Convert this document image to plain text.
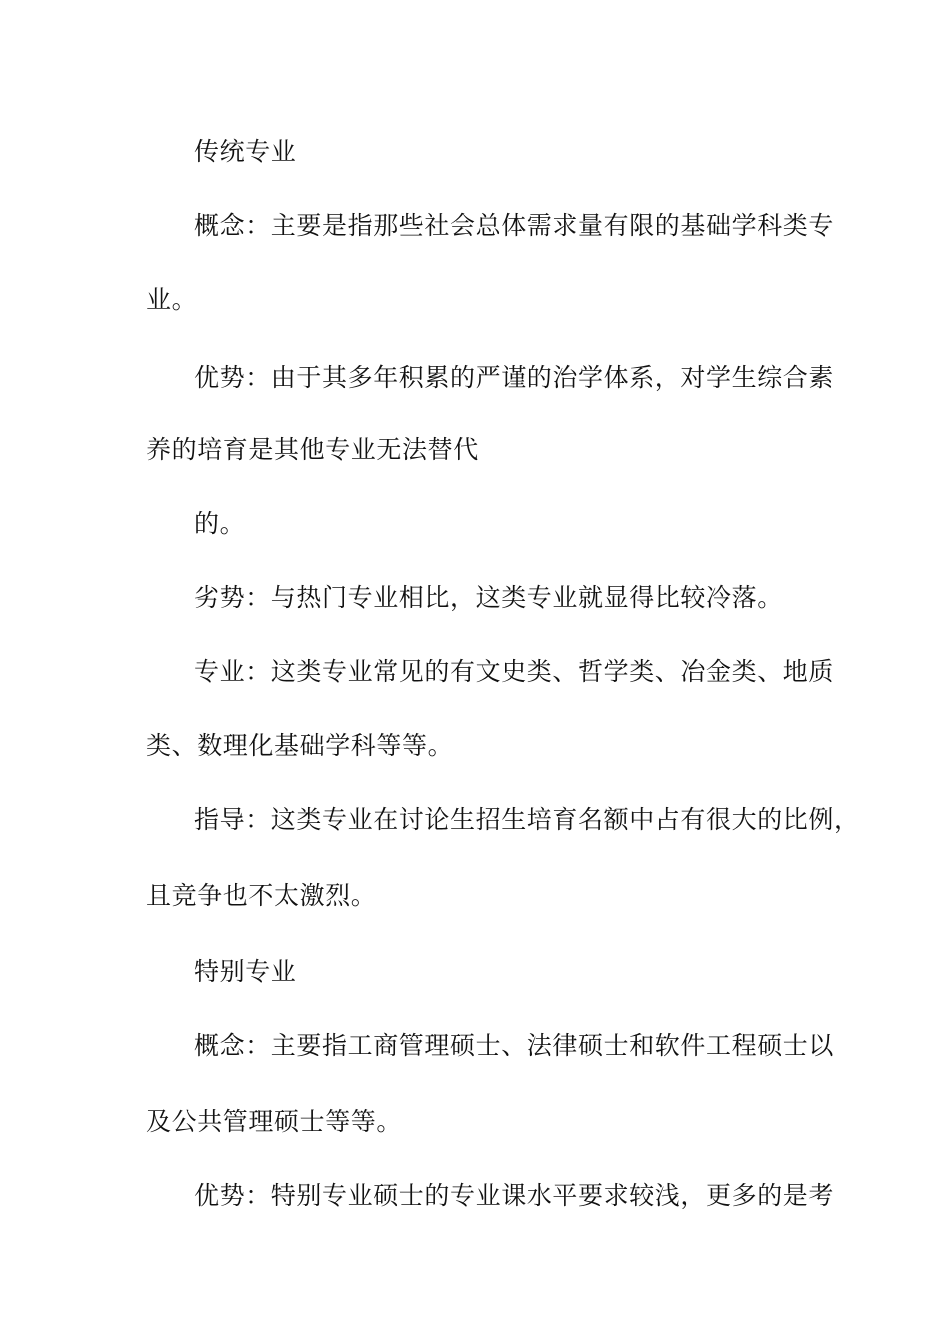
传统专业
概念：主要是指那些社会总体需求量有限的基础学科类专
业。
优势：由于其多年积累的严谨的治学体系，对学生综合素
养的培育是其他专业无法替代
的。
劣势：与热门专业相比，这类专业就显得比较冷落。
专业：这类专业常见的有文史类、哲学类、冶金类、地质
类、数理化基础学科等等。
指导：这类专业在讨论生招生培育名额中占有很大的比例，
且竞争也不太激烈。
特别专业
概念：主要指工商管理硕士、法律硕士和软件工程硕士以
及公共管理硕士等等。
优势：特别专业硕士的专业课水平要求较浅，更多的是考
